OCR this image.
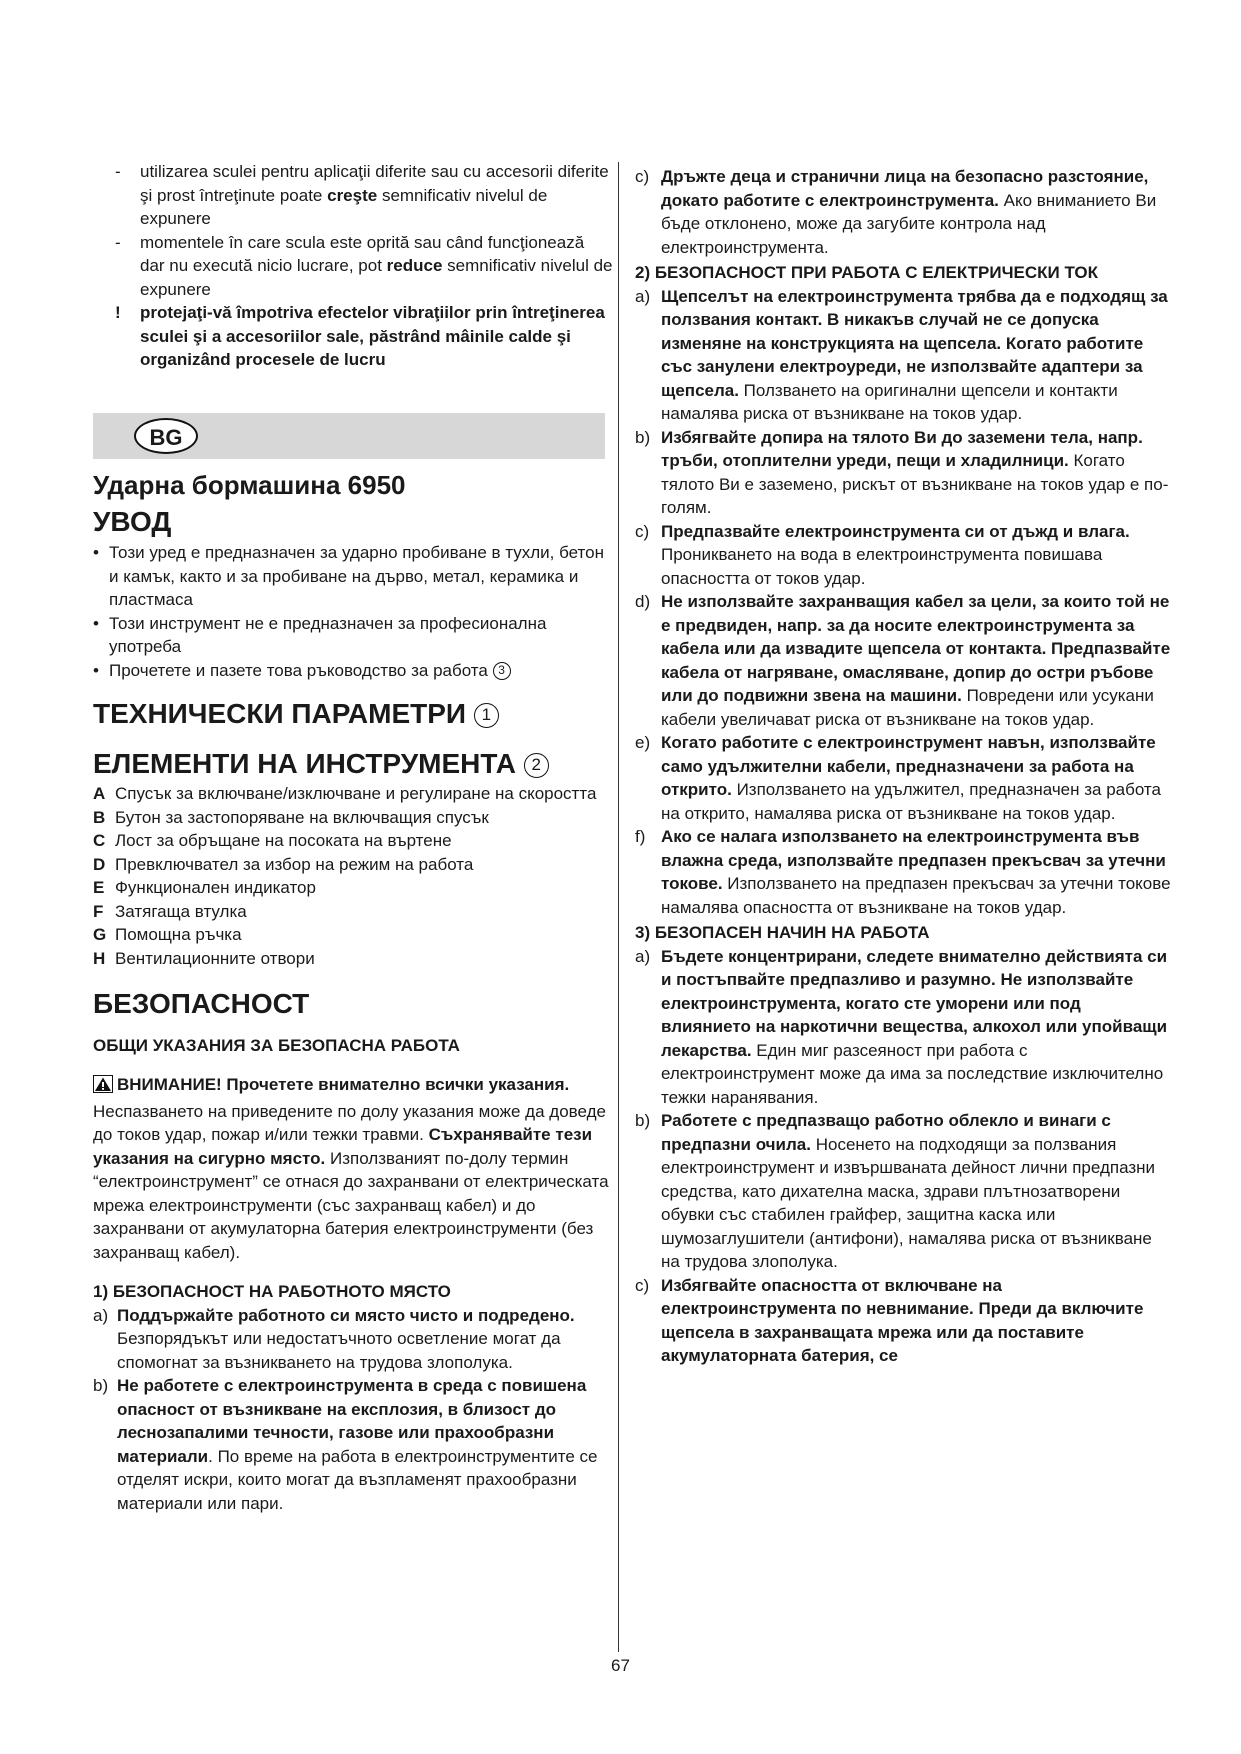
BG
- utilizarea sculei pentru aplicaţii diferite sau cu accesorii diferite şi prost întreţinute poate creşte semnificativ nivelul de expunere
- momentele în care scula este oprită sau când funcţionează dar nu execută nicio lucrare, pot reduce semnificativ nivelul de expunere
! protejaţi-vă împotriva efectelor vibraţiilor prin întreţinerea sculei şi a accesoriilor sale, păstrând mâinile calde şi organizând procesele de lucru
Ударна бормашина 6950
УВОД
• Този уред е предназначен за ударно пробиване в тухли, бетон и камък, както и за пробиване на дърво, метал, керамика и пластмаса
• Този инструмент не е предназначен за професионална употреба
• Прочетете и пазете това ръководство за работа 3
ТЕХНИЧЕСКИ ПАРАМЕТРИ 1
ЕЛЕМЕНТИ НА ИНСТРУМЕНТА 2
A Спусък за включване/изключване и регулиране на скоростта
B Бутон за застопоряване на включващия спусък
C Лост за обръщане на посоката на въртене
D Превключвател за избор на режим на работа
E Функционален индикатор
F Затягаща втулка
G Помощна ръчка
H Вентилационните отвори
БЕЗОПАСНОСТ
ОБЩИ УКАЗАНИЯ ЗА БЕЗОПАСНА РАБОТА

ВНИМАНИЕ! Прочетете внимателно всички указания. Неспазването на приведените по долу указания може да доведе до токов удар, пожар и/или тежки травми. Съхранявайте тези указания на сигурно място. Използваният по-долу термин “електроинструмент” се отнася до захранвани от електрическата мрежа електроинструменти (със захранващ кабел) и до захранвани от акумулаторна батерия електроинструменти (без захранващ кабел).

1) БЕЗОПАСНОСТ НА РАБОТНОТО МЯСТО
a) Поддържайте работното си място чисто и подредено. Безпорядъкът или недостатъчното осветление могат да спомогнат за възникването на трудова злополука.
b) Не работете с електроинструмента в среда с повишена опасност от възникване на експлозия, в близост до леснозапалими течности, газове или прахообразни материали. По време на работа в електроинструментите се отделят искри, които могат да възпламенят прахообразни материали или пари.
c) Дръжте деца и странични лица на безопасно разстояние, докато работите с електроинструмента. Ако вниманието Ви бъде отклонено, може да загубите контрола над електроинструмента.
2) БЕЗОПАСНОСТ ПРИ РАБОТА С ЕЛЕКТРИЧЕСКИ ТОК
a) Щепселът на електроинструмента трябва да е подходящ за ползвания контакт. В никакъв случай не се допуска изменяне на конструкцията на щепсела. Когато работите със занулени електроуреди, не използвайте адаптери за щепсела. Ползването на оригинални щепсели и контакти намалява риска от възникване на токов удар.
b) Избягвайте допира на тялото Ви до заземени тела, напр. тръби, отоплителни уреди, пещи и хладилници. Когато тялото Ви е заземено, рискът от възникване на токов удар е по-голям.
c) Предпазвайте електроинструмента си от дъжд и влага. Проникването на вода в електроинструмента повишава опасността от токов удар.
d) Не използвайте захранващия кабел за цели, за които той не е предвиден, напр. за да носите електроинструмента за кабела или да извадите щепсела от контакта. Предпазвайте кабела от нагряване, омасляване, допир до остри ръбове или до подвижни звена на машини. Повредени или усукани кабели увеличават риска от възникване на токов удар.
e) Когато работите с електроинструмент навън, използвайте само удължителни кабели, предназначени за работа на открито. Използването на удължител, предназначен за работа на открито, намалява риска от възникване на токов удар.
f) Ако се налага използването на електроинструмента във влажна среда, използвайте предпазен прекъсвач за утечни токове. Използването на предпазен прекъсвач за утечни токове намалява опасността от възникване на токов удар.
3) БЕЗОПАСЕН НАЧИН НА РАБОТА
a) Бъдете концентрирани, следете внимателно действията си и постъпвайте предпазливо и разумно. Не използвайте електроинструмента, когато сте уморени или под влиянието на наркотични вещества, алкохол или упойващи лекарства. Един миг разсеяност при работа с електроинструмент може да има за последствие изключително тежки наранявания.
b) Работете с предпазващо работно облекло и винаги с предпазни очила. Носенето на подходящи за ползвания електроинструмент и извършваната дейност лични предпазни средства, като дихателна маска, здрави плътнозатворени обувки със стабилен грайфер, защитна каска или шумозаглушители (антифони), намалява риска от възникване на трудова злополука.
c) Избягвайте опасността от включване на електроинструмента по невнимание. Преди да включите щепсела в захранващата мрежа или да поставите акумулаторната батерия, се
67
